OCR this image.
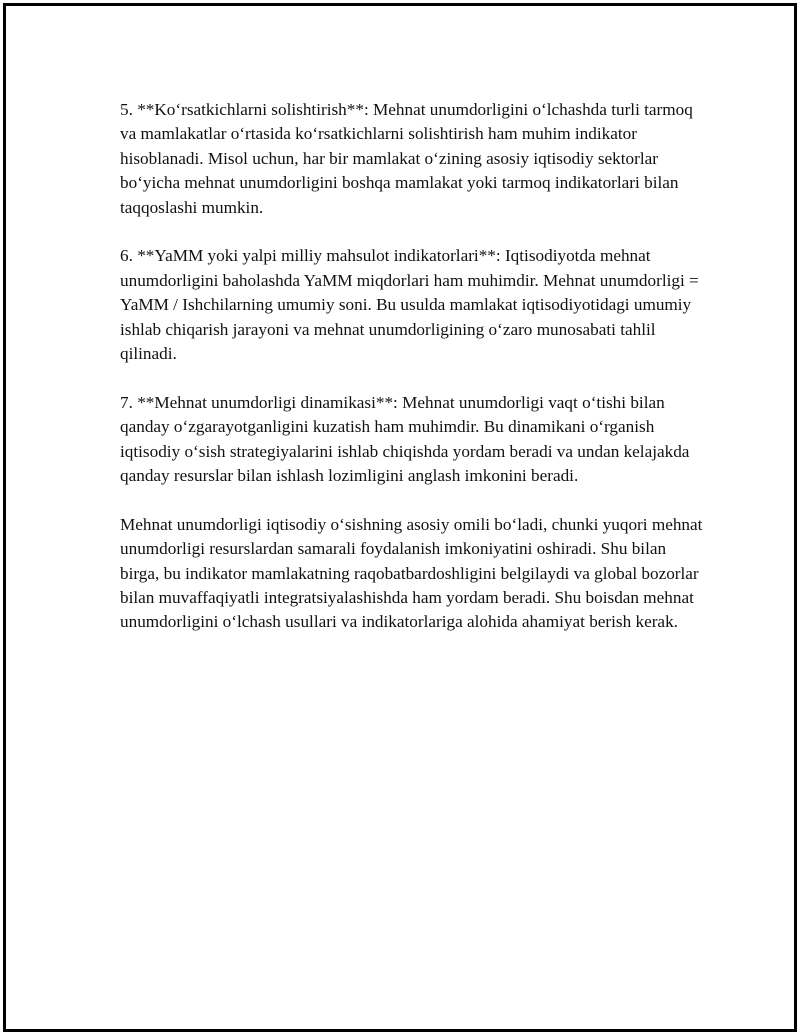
5. **Ko‘rsatkichlarni solishtirish**: Mehnat unumdorligini o‘lchashda turli tarmoq va mamlakatlar o‘rtasida ko‘rsatkichlarni solishtirish ham muhim indikator hisoblanadi. Misol uchun, har bir mamlakat o‘zining asosiy iqtisodiy sektorlar bo‘yicha mehnat unumdorligini boshqa mamlakat yoki tarmoq indikatorlari bilan taqqoslashi mumkin.

6. **YaMM yoki yalpi milliy mahsulot indikatorlari**: Iqtisodiyotda mehnat unumdorligini baholashda YaMM miqdorlari ham muhimdir. Mehnat unumdorligi = YaMM / Ishchilarning umumiy soni. Bu usulda mamlakat iqtisodiyotidagi umumiy ishlab chiqarish jarayoni va mehnat unumdorligining o‘zaro munosabati tahlil qilinadi.

7. **Mehnat unumdorligi dinamikasi**: Mehnat unumdorligi vaqt o‘tishi bilan qanday o‘zgarayotganligini kuzatish ham muhimdir. Bu dinamikani o‘rganish iqtisodiy o‘sish strategiyalarini ishlab chiqishda yordam beradi va undan kelajakda qanday resurslar bilan ishlash lozimligini anglash imkonini beradi.

Mehnat unumdorligi iqtisodiy o‘sishning asosiy omili bo‘ladi, chunki yuqori mehnat unumdorligi resurslardan samarali foydalanish imkoniyatini oshiradi. Shu bilan birga, bu indikator mamlakatning raqobatbardoshligini belgilaydi va global bozorlar bilan muvaffaqiyatli integratsiyalashishda ham yordam beradi. Shu boisdan mehnat unumdorligini o‘lchash usullari va indikatorlariga alohida ahamiyat berish kerak.
